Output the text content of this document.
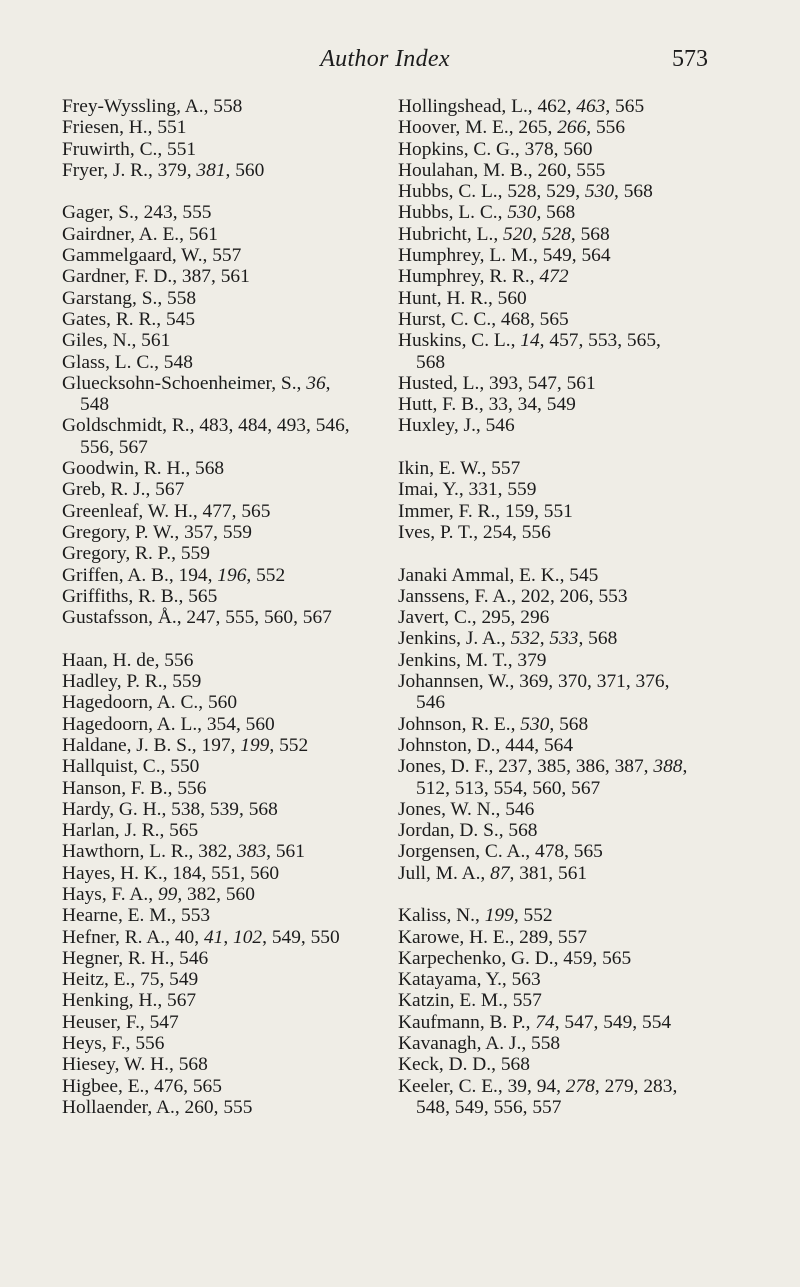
Author Index	573
Frey-Wyssling, A., 558
Friesen, H., 551
Fruwirth, C., 551
Fryer, J. R., 379, 381, 560
Gager, S., 243, 555
Gairdner, A. E., 561
Gammelgaard, W., 557
Gardner, F. D., 387, 561
Garstang, S., 558
Gates, R. R., 545
Giles, N., 561
Glass, L. C., 548
Gluecksohn-Schoenheimer, S., 36,
548
Goldschmidt, R., 483, 484, 493, 546,
556, 567
Goodwin, R. H., 568
Greb, R. J., 567
Greenleaf, W. H., 477, 565
Gregory, P. W., 357, 559
Gregory, R. P., 559
Griffen, A. B., 194, 196, 552
Griffiths, R. B., 565
Gustafsson, Å., 247, 555, 560, 567
Haan, H. de, 556
Hadley, P. R., 559
Hagedoorn, A. C., 560
Hagedoorn, A. L., 354, 560
Haldane, J. B. S., 197, 199, 552
Hallquist, C., 550
Hanson, F. B., 556
Hardy, G. H., 538, 539, 568
Harlan, J. R., 565
Hawthorn, L. R., 382, 383, 561
Hayes, H. K., 184, 551, 560
Hays, F. A., 99, 382, 560
Hearne, E. M., 553
Hefner, R. A., 40, 41, 102, 549, 550
Hegner, R. H., 546
Heitz, E., 75, 549
Henking, H., 567
Heuser, F., 547
Heys, F., 556
Hiesey, W. H., 568
Higbee, E., 476, 565
Hollaender, A., 260, 555
Hollingshead, L., 462, 463, 565
Hoover, M. E., 265, 266, 556
Hopkins, C. G., 378, 560
Houlahan, M. B., 260, 555
Hubbs, C. L., 528, 529, 530, 568
Hubbs, L. C., 530, 568
Hubricht, L., 520, 528, 568
Humphrey, L. M., 549, 564
Humphrey, R. R., 472
Hunt, H. R., 560
Hurst, C. C., 468, 565
Huskins, C. L., 14, 457, 553, 565,
568
Husted, L., 393, 547, 561
Hutt, F. B., 33, 34, 549
Huxley, J., 546
Ikin, E. W., 557
Imai, Y., 331, 559
Immer, F. R., 159, 551
Ives, P. T., 254, 556
Janaki Ammal, E. K., 545
Janssens, F. A., 202, 206, 553
Javert, C., 295, 296
Jenkins, J. A., 532, 533, 568
Jenkins, M. T., 379
Johannsen, W., 369, 370, 371, 376,
546
Johnson, R. E., 530, 568
Johnston, D., 444, 564
Jones, D. F., 237, 385, 386, 387, 388,
512, 513, 554, 560, 567
Jones, W. N., 546
Jordan, D. S., 568
Jorgensen, C. A., 478, 565
Jull, M. A., 87, 381, 561
Kaliss, N., 199, 552
Karowe, H. E., 289, 557
Karpechenko, G. D., 459, 565
Katayama, Y., 563
Katzin, E. M., 557
Kaufmann, B. P., 74, 547, 549, 554
Kavanagh, A. J., 558
Keck, D. D., 568
Keeler, C. E., 39, 94, 278, 279, 283,
548, 549, 556, 557
